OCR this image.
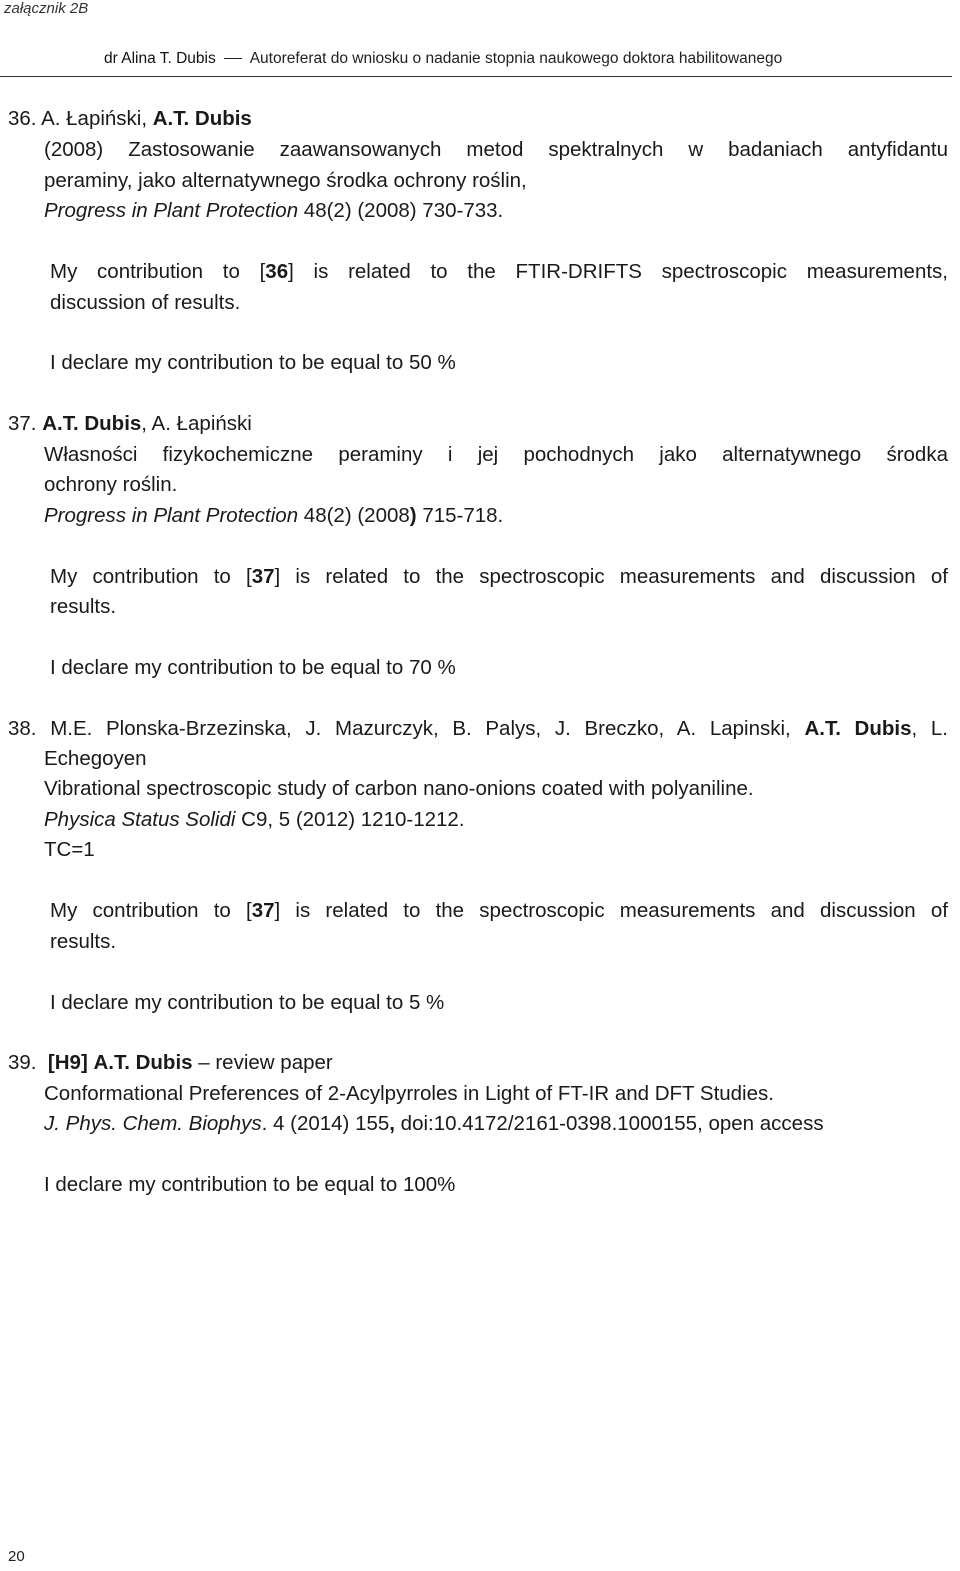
załącznik 2B
dr Alina T. Dubis Autoreferat do wniosku o nadanie stopnia naukowego doktora habilitowanego
36. A. Łapiński, A.T. Dubis
(2008) Zastosowanie zaawansowanych metod spektralnych w badaniach antyfidantu
peraminy, jako alternatywnego środka ochrony roślin,
Progress in Plant Protection 48(2) (2008) 730-733.
My contribution to [36] is related to the FTIR-DRIFTS spectroscopic measurements,
discussion of results.
I declare my contribution to be equal to 50 %
37. A.T. Dubis, A. Łapiński
Własności fizykochemiczne peraminy i jej pochodnych jako alternatywnego środka
ochrony roślin.
Progress in Plant Protection 48(2) (2008) 715-718.
My contribution to [37] is related to the spectroscopic measurements and discussion of
results.
I declare my contribution to be equal to 70 %
38. M.E. Plonska-Brzezinska, J. Mazurczyk, B. Palys, J. Breczko, A. Lapinski, A.T. Dubis, L.
Echegoyen
Vibrational spectroscopic study of carbon nano-onions coated with polyaniline.
Physica Status Solidi C9, 5 (2012) 1210-1212.
TC=1
My contribution to [37] is related to the spectroscopic measurements and discussion of
results.
I declare my contribution to be equal to 5 %
39. [H9] A.T. Dubis – review paper
Conformational Preferences of 2-Acylpyrroles in Light of FT-IR and DFT Studies.
J. Phys. Chem. Biophys. 4 (2014) 155, doi:10.4172/2161-0398.1000155, open access
I declare my contribution to be equal to 100%
20
